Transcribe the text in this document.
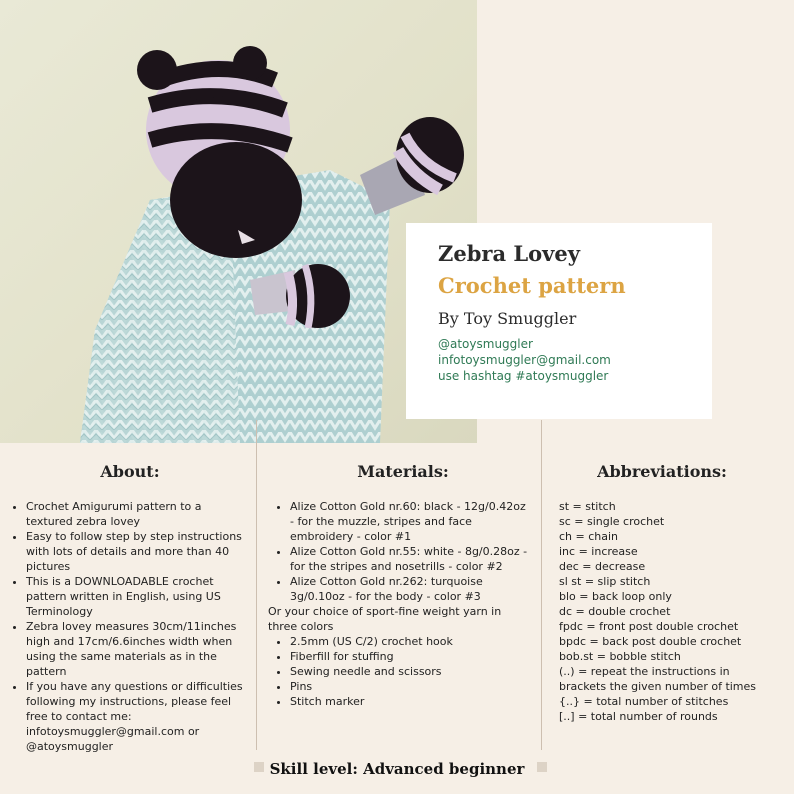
Zebra Lovey
Crochet pattern
By Toy Smuggler
@atoysmuggler
infotoysmuggler@gmail.com
use hashtag #atoysmuggler
About:
• Crochet Amigurumi pattern to a textured zebra lovey
• Easy to follow step by step instructions with lots of details and more than 40 pictures
• This is a DOWNLOADABLE crochet pattern written in English, using US Terminology
• Zebra lovey measures 30cm/11inches high and 17cm/6.6inches width when using the same materials as in the pattern
• If you have any questions or difficulties following my instructions, please feel free to contact me: infotoysmuggler@gmail.com or @atoysmuggler
Materials:
• Alize Cotton Gold nr.60: black - 12g/0.42oz - for the muzzle, stripes and face embroidery - color #1
• Alize Cotton Gold nr.55: white - 8g/0.28oz - for the stripes and nosetrills - color #2
• Alize Cotton Gold nr.262: turquoise 3g/0.10oz - for the body - color #3
Or your choice of sport-fine weight yarn in three colors
• 2.5mm (US C/2) crochet hook
• Fiberfill for stuffing
• Sewing needle and scissors
• Pins
• Stitch marker
Abbreviations:
st = stitch
sc = single crochet
ch = chain
inc = increase
dec = decrease
sl st = slip stitch
blo = back loop only
dc = double crochet
fpdc = front post double crochet
bpdc = back post double crochet
bob.st = bobble stitch
(..) = repeat the instructions in brackets the given number of times
{..} = total number of stitches
[..] = total number of rounds
Skill level: Advanced beginner
